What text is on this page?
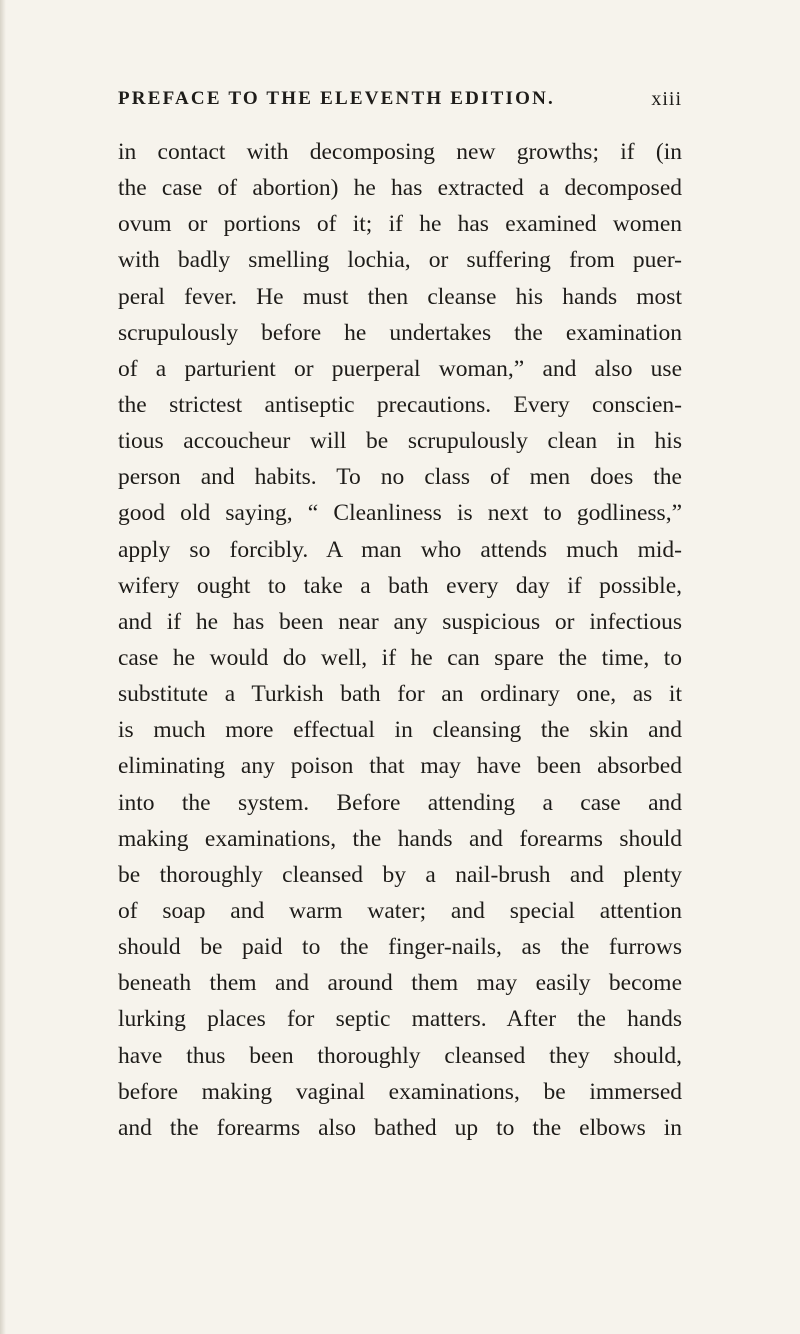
PREFACE TO THE ELEVENTH EDITION.	xiii
in contact with decomposing new growths; if (in
the case of abortion) he has extracted a decomposed
ovum or portions of it; if he has examined women
with badly smelling lochia, or suffering from puer-
peral fever. He must then cleanse his hands most
scrupulously before he undertakes the examination
of a parturient or puerperal woman,” and also use
the strictest antiseptic precautions. Every conscien-
tious accoucheur will be scrupulously clean in his
person and habits. To no class of men does the
good old saying, “ Cleanliness is next to godliness,”
apply so forcibly. A man who attends much mid-
wifery ought to take a bath every day if possible,
and if he has been near any suspicious or infectious
case he would do well, if he can spare the time, to
substitute a Turkish bath for an ordinary one, as it
is much more effectual in cleansing the skin and
eliminating any poison that may have been absorbed
into the system. Before attending a case and
making examinations, the hands and forearms should
be thoroughly cleansed by a nail-brush and plenty
of soap and warm water; and special attention
should be paid to the finger-nails, as the furrows
beneath them and around them may easily become
lurking places for septic matters. After the hands
have thus been thoroughly cleansed they should,
before making vaginal examinations, be immersed
and the forearms also bathed up to the elbows in
